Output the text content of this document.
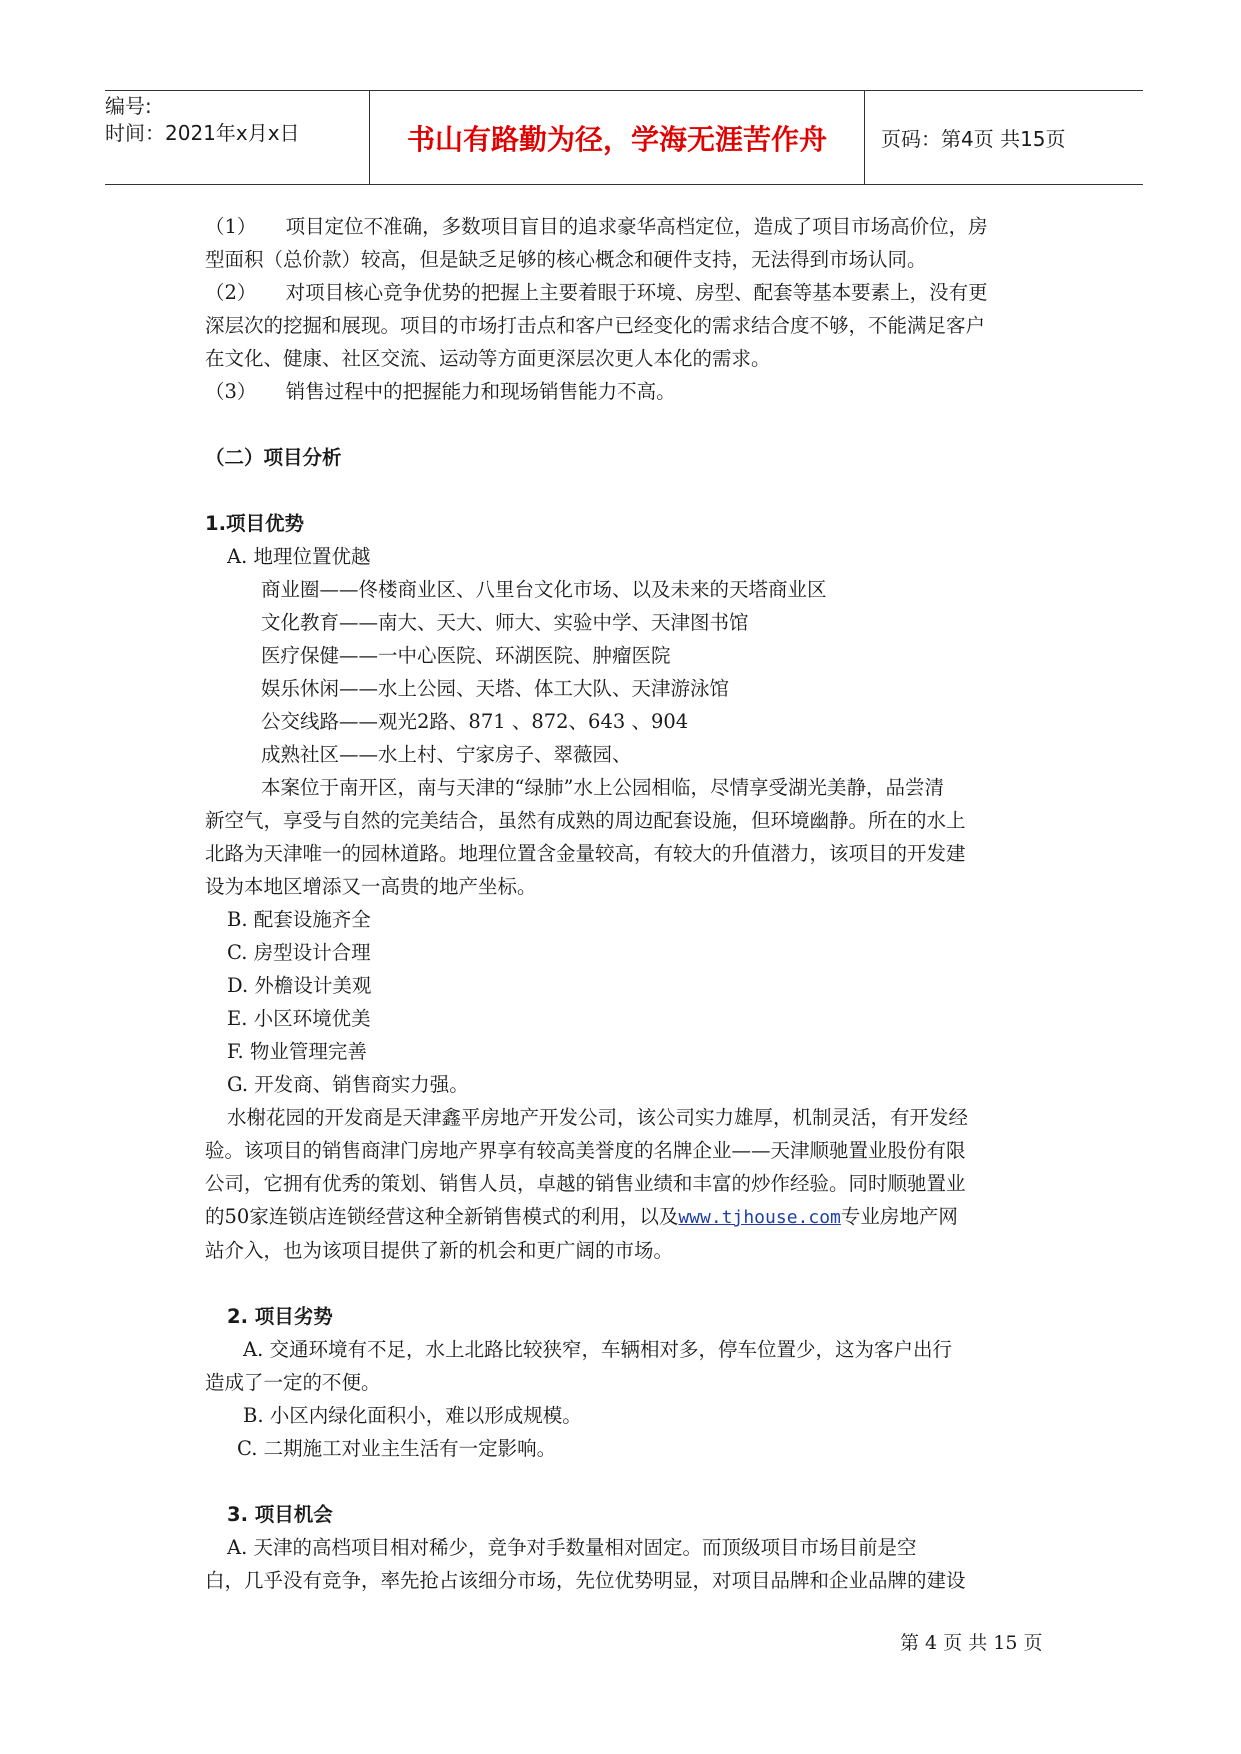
编号:
时间：2021年x月x日	书山有路勤为径，学海无涯苦作舟	页码：第4页 共15页

（1）　　项目定位不准确，多数项目盲目的追求豪华高档定位，造成了项目市场高价位，房

型面积（总价款）较高，但是缺乏足够的核心概念和硬件支持，无法得到市场认同。

（2）　　对项目核心竞争优势的把握上主要着眼于环境、房型、配套等基本要素上，没有更

深层次的挖掘和展现。项目的市场打击点和客户已经变化的需求结合度不够，不能满足客户

在文化、健康、社区交流、运动等方面更深层次更人本化的需求。

（3）　　销售过程中的把握能力和现场销售能力不高。

（二）项目分析

1.项目优势

A. 地理位置优越

商业圈——佟楼商业区、八里台文化市场、以及未来的天塔商业区

文化教育——南大、天大、师大、实验中学、天津图书馆

医疗保健——一中心医院、环湖医院、肿瘤医院

娱乐休闲——水上公园、天塔、体工大队、天津游泳馆

公交线路——观光2路、871 、872、643 、904

成熟社区——水上村、宁家房子、翠薇园、

本案位于南开区，南与天津的“绿肺”水上公园相临，尽情享受湖光美静，品尝清

新空气，享受与自然的完美结合，虽然有成熟的周边配套设施，但环境幽静。所在的水上

北路为天津唯一的园林道路。地理位置含金量较高，有较大的升值潜力，该项目的开发建

设为本地区增添又一高贵的地产坐标。

B. 配套设施齐全

C. 房型设计合理

D. 外檐设计美观

E. 小区环境优美

F. 物业管理完善

G. 开发商、销售商实力强。

水榭花园的开发商是天津鑫平房地产开发公司，该公司实力雄厚，机制灵活，有开发经

验。该项目的销售商津门房地产界享有较高美誉度的名牌企业——天津顺驰置业股份有限

公司，它拥有优秀的策划、销售人员，卓越的销售业绩和丰富的炒作经验。同时顺驰置业

的50家连锁店连锁经营这种全新销售模式的利用，以及www.tjhouse.com专业房地产网

站介入，也为该项目提供了新的机会和更广阔的市场。

2. 项目劣势

A. 交通环境有不足，水上北路比较狭窄，车辆相对多，停车位置少，这为客户出行

造成了一定的不便。

B. 小区内绿化面积小，难以形成规模。

C. 二期施工对业主生活有一定影响。

3. 项目机会

A. 天津的高档项目相对稀少，竞争对手数量相对固定。而顶级项目市场目前是空

白，几乎没有竞争，率先抢占该细分市场，先位优势明显，对项目品牌和企业品牌的建设

第 4 页 共 15 页
